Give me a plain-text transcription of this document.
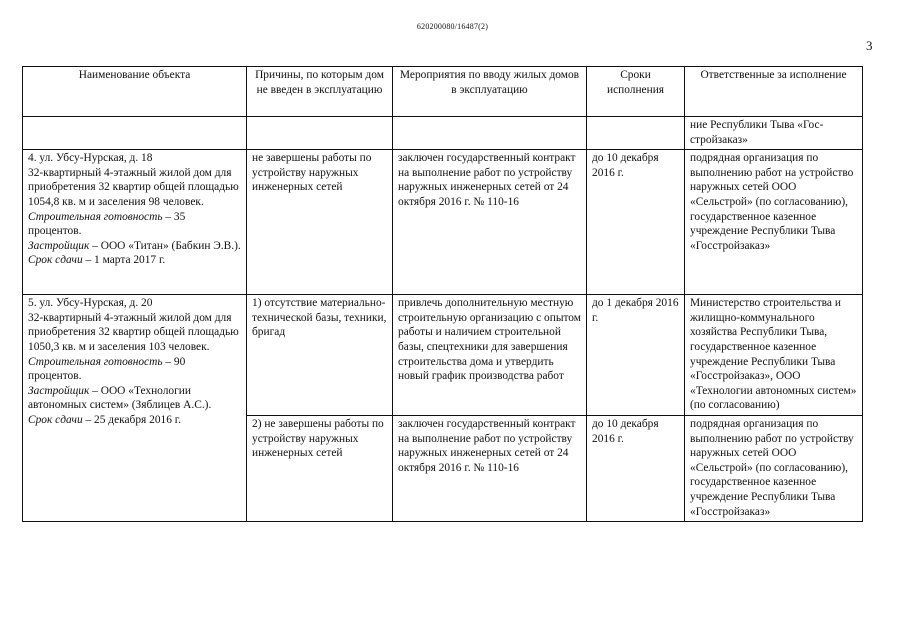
620200080/16487(2)
3
Наименование объекта	Причины, по которым дом не введен в эксплуатацию	Мероприятия по вводу жилых домов в эксплуатацию	Сроки исполнения	Ответственные за исполнение
				ние Республики Тыва «Гос-стройзаказ»

4. ул. Убсу-Нурская, д. 18
32-квартирный 4-этажный жилой дом для приобретения 32 квартир общей площадью 1054,8 кв. м и заселения 98 человек.
Строительная готовность – 35 процентов.
Застройщик – ООО «Титан» (Бабкин Э.В.).
Срок сдачи – 1 марта 2017 г.	не завершены работы по устройству наружных инженерных сетей	заключен государственный контракт на выполнение работ по устройству наружных инженерных сетей от 24 октября 2016 г. № 110-16	до 10 декабря 2016 г.	подрядная организация по выполнению работ на устройство наружных сетей ООО «Сельстрой» (по согласованию), государственное казенное учреждение Республики Тыва «Госстройзаказ»

5. ул. Убсу-Нурская, д. 20
32-квартирный 4-этажный жилой дом для приобретения 32 квартир общей площадью 1050,3 кв. м и заселения 103 человек.
Строительная готовность – 90 процентов.
Застройщик – ООО «Технологии автономных систем» (Зяблицев А.С.).
Срок сдачи – 25 декабря 2016 г.	1) отсутствие материально-технической базы, техники, бригад	привлечь дополнительную местную строительную организацию с опытом работы и наличием строительной базы, спецтехники для завершения строительства дома и утвердить новый график производства работ	до 1 декабря 2016 г.	Министерство строительства и жилищно-коммунального хозяйства Республики Тыва, государственное казенное учреждение Республики Тыва «Госстройзаказ», ООО «Технологии автономных систем» (по согласованию)
	2) не завершены работы по устройству наружных инженерных сетей	заключен государственный контракт на выполнение работ по устройству наружных инженерных сетей от 24 октября 2016 г. № 110-16	до 10 декабря 2016 г.	подрядная организация по выполнению работ по устройству наружных сетей ООО «Сельстрой» (по согласованию), государственное казенное учреждение Республики Тыва «Госстройзаказ»
